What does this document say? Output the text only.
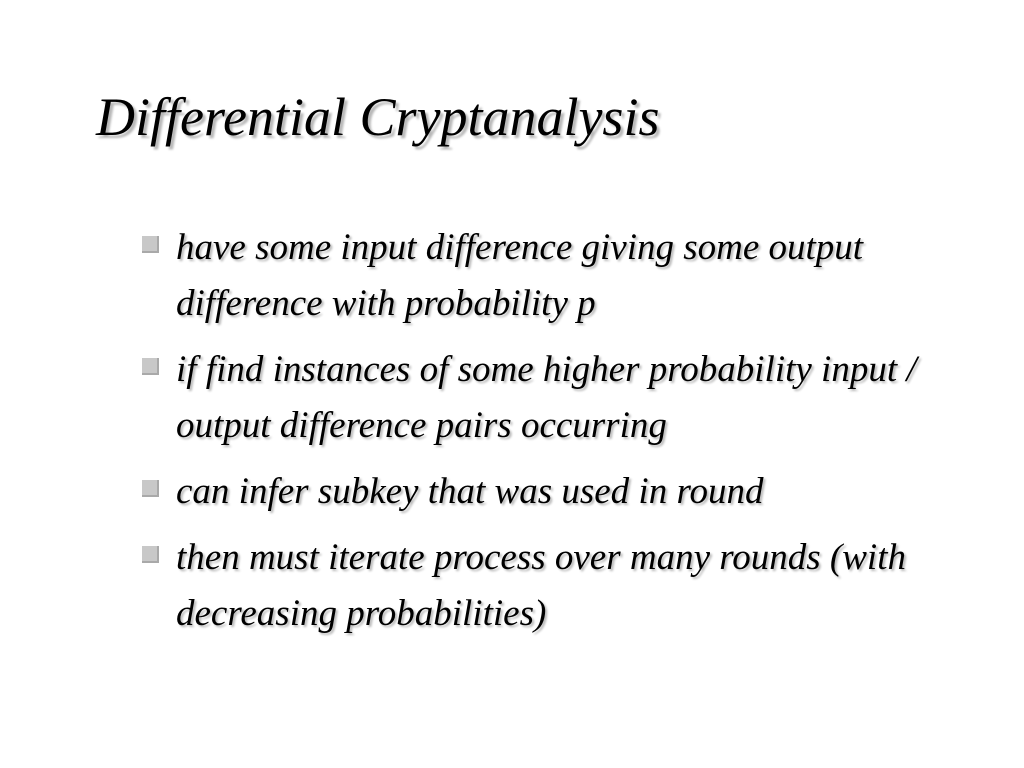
Differential Cryptanalysis
have some input difference giving some output difference with probability p
if find instances of some higher probability input / output difference pairs occurring
can infer subkey that was used in round
then must iterate process over many rounds (with decreasing probabilities)
